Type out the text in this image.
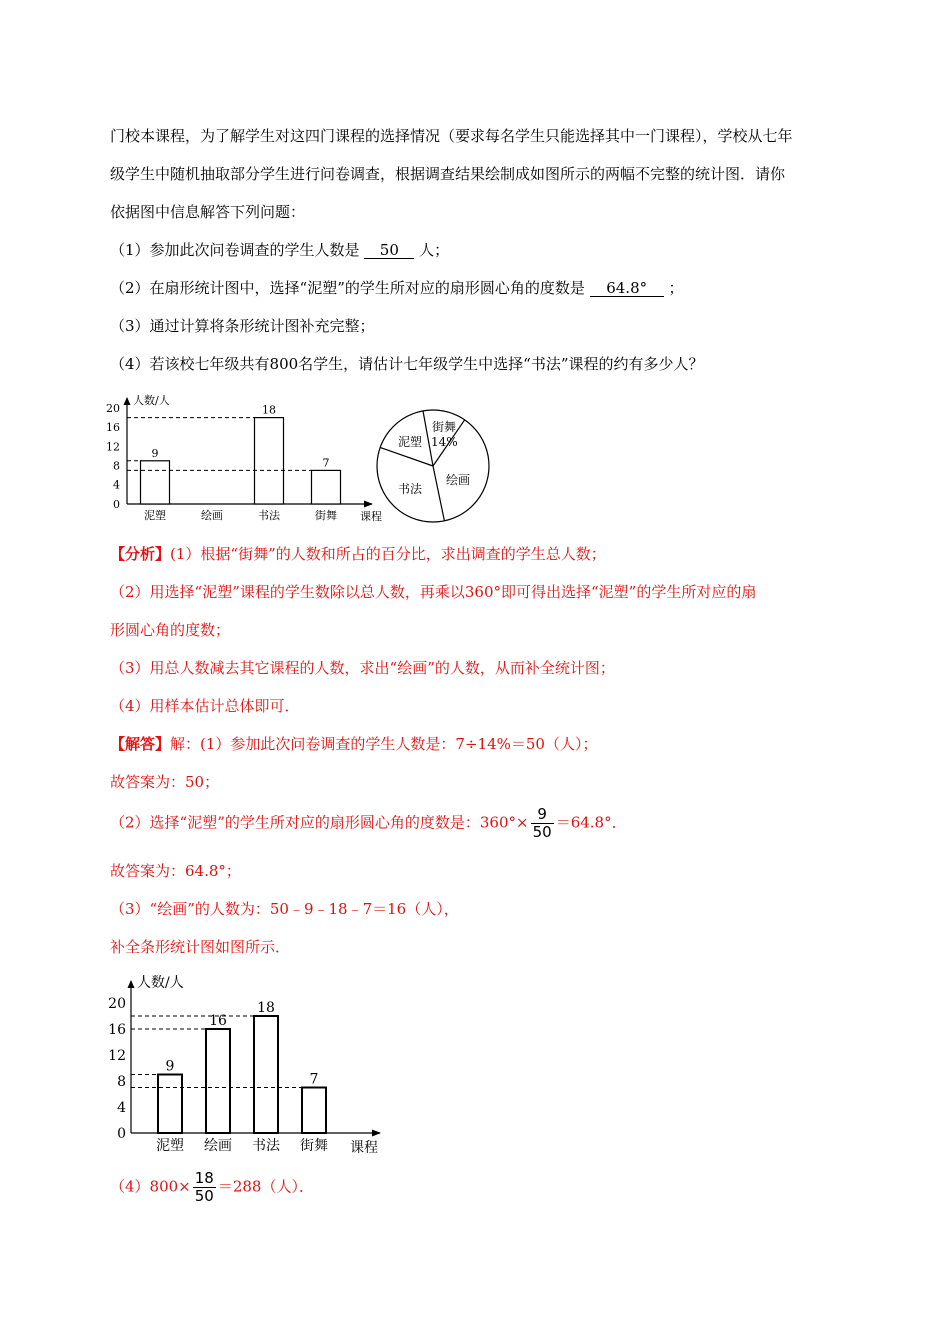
门校本课程，为了解学生对这四门课程的选择情况（要求每名学生只能选择其中一门课程），学校从七年
级学生中随机抽取部分学生进行问卷调查，根据调查结果绘制成如图所示的两幅不完整的统计图．请你
依据图中信息解答下列问题：
（1）参加此次问卷调查的学生人数是 50 人；
（2）在扇形统计图中，选择“泥塑”的学生所对应的扇形圆心角的度数是 64.8° ；
（3）通过计算将条形统计图补充完整；
（4）若该校七年级共有800名学生，请估计七年级学生中选择“书法”课程的约有多少人？
人数/人
课程
0
4
8
12
16
20
泥塑
9
绘画	书法
18
街舞
7
泥塑
街舞
14%
书法
绘画
【分析】(1）根据“街舞”的人数和所占的百分比，求出调查的学生总人数；
（2）用选择“泥塑”课程的学生数除以总人数，再乘以360°即可得出选择“泥塑”的学生所对应的扇
形圆心角的度数；
（3）用总人数减去其它课程的人数，求出“绘画”的人数，从而补全统计图；
（4）用样本估计总体即可．
【解答】解：(1）参加此次问卷调查的学生人数是：7÷14%＝50（人）；
故答案为：50；
（2）选择“泥塑”的学生所对应的扇形圆心角的度数是：$360^\circ\times \frac{9}{50} =64.8^\circ$．
故答案为：64.8°；
（3）“绘画”的人数为：50﹣9﹣18﹣7＝16（人），
补全条形统计图如图所示．
人数/人
课程
0
4
8
12
16
20
泥塑
9
绘画
16
书法
18
街舞
7
$(4)800\times \frac{18}{50} =288$（人）．
